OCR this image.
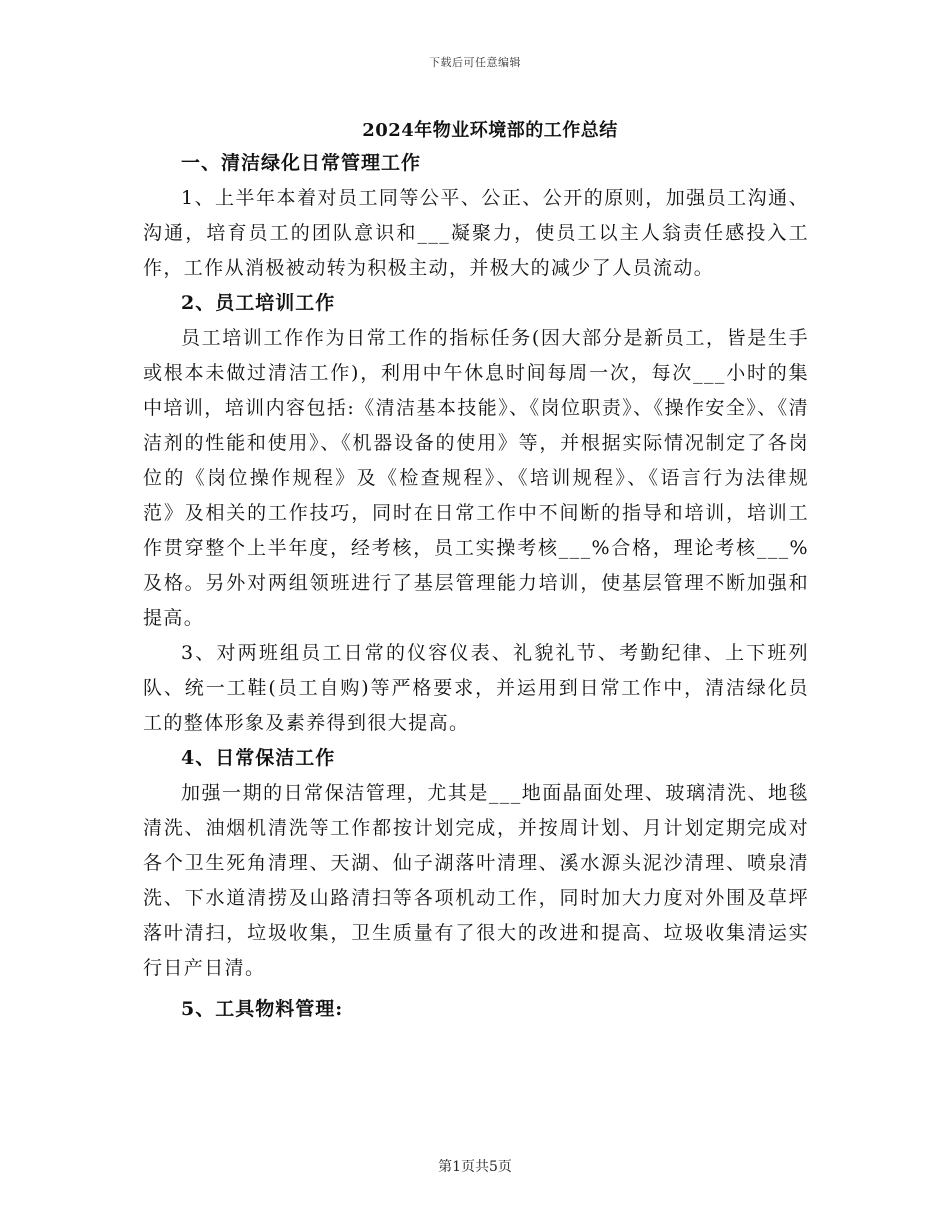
下载后可任意编辑
2024年物业环境部的工作总结

一、清洁绿化日常管理工作

1、上半年本着对员工同等公平、公正、公开的原则，加强员工沟通、沟通，培育员工的团队意识和___凝聚力，使员工以主人翁责任感投入工作，工作从消极被动转为积极主动，并极大的减少了人员流动。

2、员工培训工作

员工培训工作作为日常工作的指标任务(因大部分是新员工，皆是生手或根本未做过清洁工作)，利用中午休息时间每周一次，每次___小时的集中培训，培训内容包括:《清洁基本技能》、《岗位职责》、《操作安全》、《清洁剂的性能和使用》、《机器设备的使用》等，并根据实际情况制定了各岗位的《岗位操作规程》及《检查规程》、《培训规程》、《语言行为法律规范》及相关的工作技巧，同时在日常工作中不间断的指导和培训，培训工作贯穿整个上半年度，经考核，员工实操考核___%合格，理论考核___%及格。另外对两组领班进行了基层管理能力培训，使基层管理不断加强和提高。

3、对两班组员工日常的仪容仪表、礼貌礼节、考勤纪律、上下班列队、统一工鞋(员工自购)等严格要求，并运用到日常工作中，清洁绿化员工的整体形象及素养得到很大提高。

4、日常保洁工作

加强一期的日常保洁管理，尤其是___地面晶面处理、玻璃清洗、地毯清洗、油烟机清洗等工作都按计划完成，并按周计划、月计划定期完成对各个卫生死角清理、天湖、仙子湖落叶清理、溪水源头泥沙清理、喷泉清洗、下水道清捞及山路清扫等各项机动工作，同时加大力度对外围及草坪落叶清扫，垃圾收集，卫生质量有了很大的改进和提高、垃圾收集清运实行日产日清。

5、工具物料管理:

第1页共5页
